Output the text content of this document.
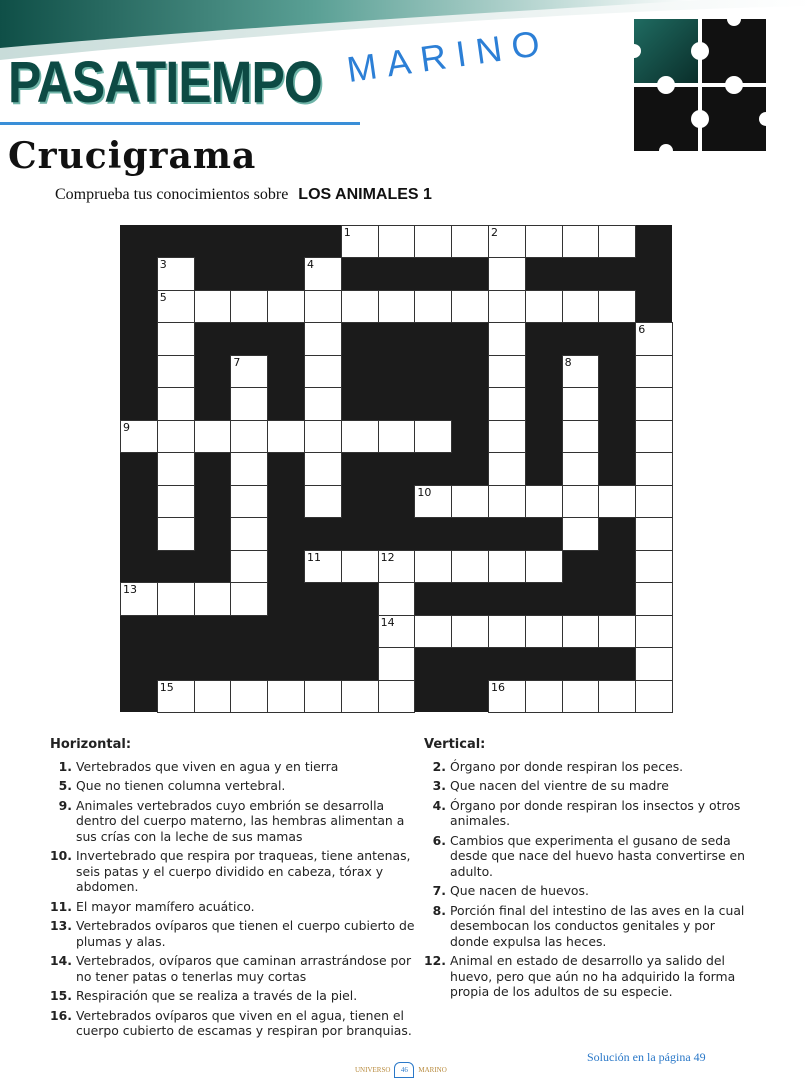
PASATIEMPO MARINO
Crucigrama
Comprueba tus conocimientos sobre LOS ANIMALES 1
1	2
3	4
5
6
7	8
9
10
11	12
13
14
15	16
Horizontal:
1. Vertebrados que viven en agua y en tierra
5. Que no tienen columna vertebral.
9. Animales vertebrados cuyo embrión se desarrolla dentro del cuerpo materno, las hembras alimentan a sus crías con la leche de sus mamas
10. Invertebrado que respira por traqueas, tiene antenas, seis patas y el cuerpo dividido en cabeza, tórax y abdomen.
11. El mayor mamífero acuático.
13. Vertebrados ovíparos que tienen el cuerpo cubierto de plumas y alas.
14. Vertebrados, ovíparos que caminan arrastrándose por no tener patas o tenerlas muy cortas
15. Respiración que se realiza a través de la piel.
16. Vertebrados ovíparos que viven en el agua, tienen el cuerpo cubierto de escamas y respiran por branquias.
Vertical:
2. Órgano por donde respiran los peces.
3. Que nacen del vientre de su madre
4. Órgano por donde respiran los insectos y otros animales.
6. Cambios que experimenta el gusano de seda desde que nace del huevo hasta convertirse en adulto.
7. Que nacen de huevos.
8. Porción final del intestino de las aves en la cual desembocan los conductos genitales y por donde expulsa las heces.
12. Animal en estado de desarrollo ya salido del huevo, pero que aún no ha adquirido la forma propia de los adultos de su especie.
Solución en la página 49
UNIVERSO	46	MARINO
